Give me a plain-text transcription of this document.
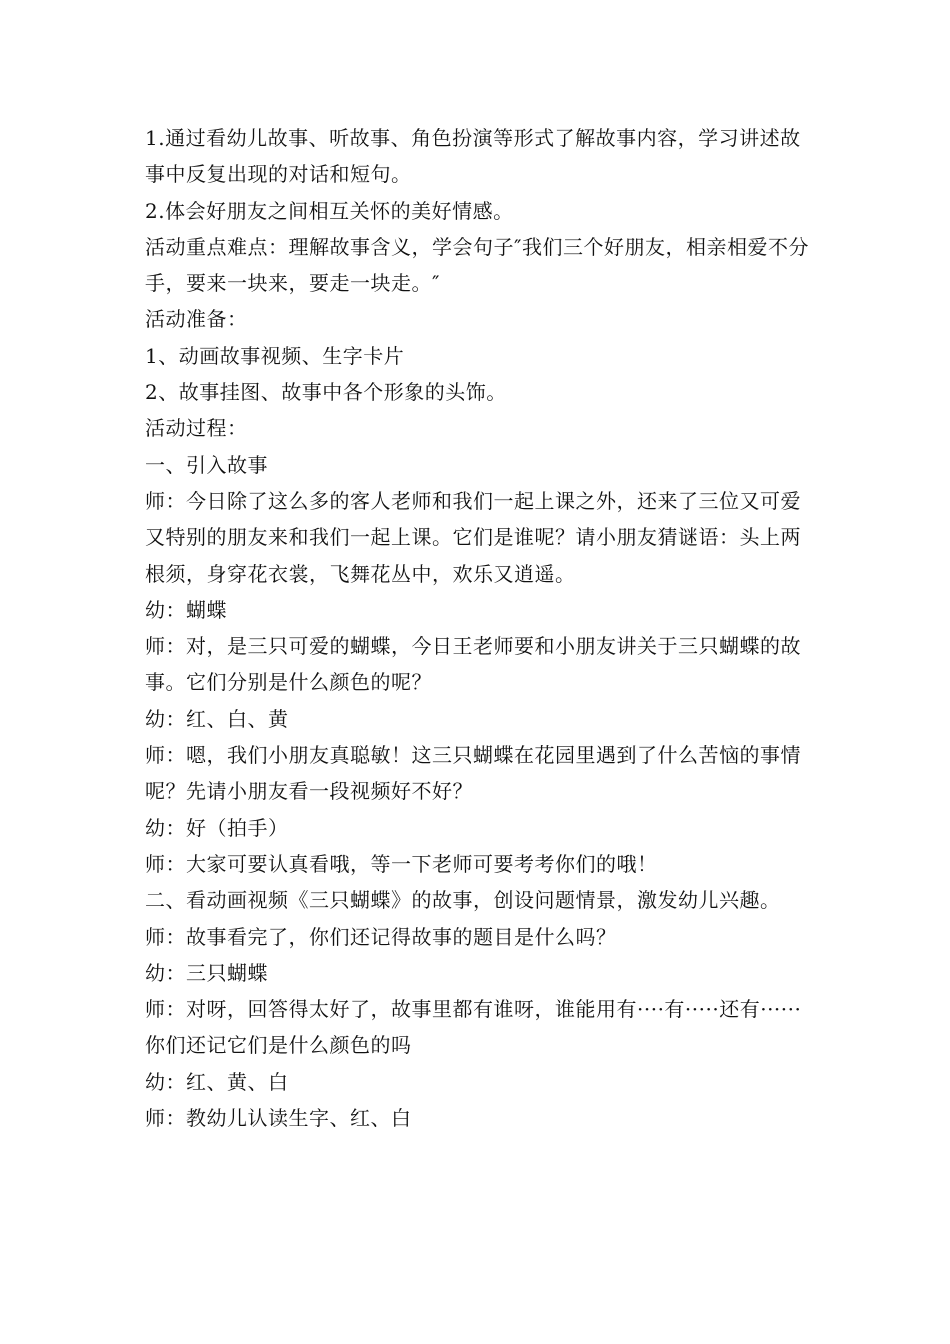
1.通过看幼儿故事、听故事、角色扮演等形式了解故事内容，学习讲述故事中反复出现的对话和短句。

2.体会好朋友之间相互关怀的美好情感。

活动重点难点：理解故事含义，学会句子″我们三个好朋友，相亲相爱不分手，要来一块来，要走一块走。″

活动准备：

1、动画故事视频、生字卡片

2、故事挂图、故事中各个形象的头饰。

活动过程：

一、引入故事

师：今日除了这么多的客人老师和我们一起上课之外，还来了三位又可爱又特别的朋友来和我们一起上课。它们是谁呢？请小朋友猜谜语：头上两根须，身穿花衣裳，飞舞花丛中，欢乐又逍遥。

幼：蝴蝶

师：对，是三只可爱的蝴蝶，今日王老师要和小朋友讲关于三只蝴蝶的故事。它们分别是什么颜色的呢？

幼：红、白、黄

师：嗯，我们小朋友真聪敏！这三只蝴蝶在花园里遇到了什么苦恼的事情呢？先请小朋友看一段视频好不好？

幼：好（拍手）

师：大家可要认真看哦，等一下老师可要考考你们的哦！

二、看动画视频《三只蝴蝶》的故事，创设问题情景，激发幼儿兴趣。

师：故事看完了，你们还记得故事的题目是什么吗？

幼：三只蝴蝶

师：对呀，回答得太好了，故事里都有谁呀，谁能用有····有·····还有······

你们还记它们是什么颜色的吗

幼：红、黄、白

师：教幼儿认读生字、红、白
